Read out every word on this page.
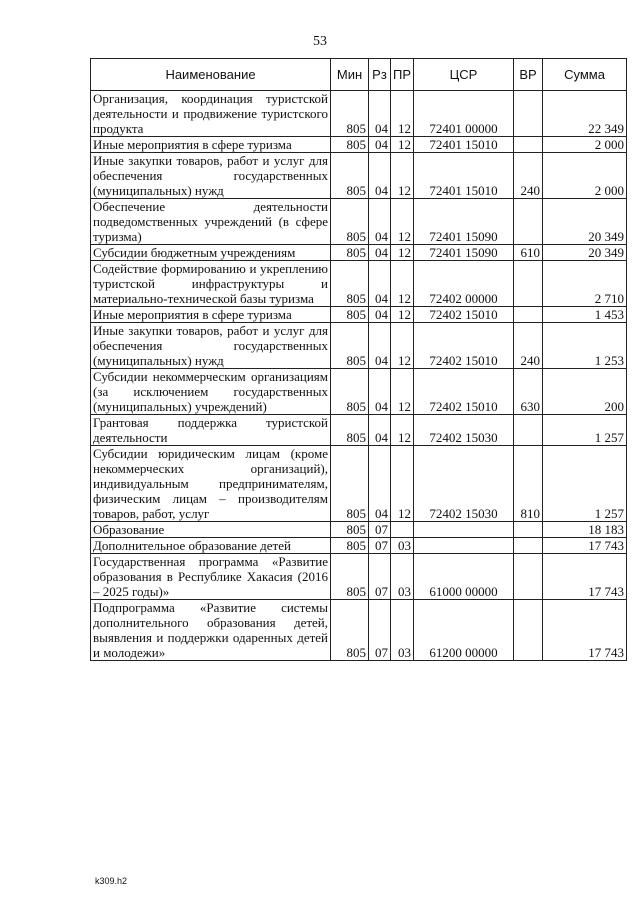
53
Наименование	Мин	Рз	ПР	ЦСР	ВР	Сумма
Организация, координация туристской деятельности и продвижение туристского продукта	805	04	12	72401 00000		22 349
Иные мероприятия в сфере туризма	805	04	12	72401 15010		2 000
Иные закупки товаров, работ и услуг для обеспечения государственных (муниципальных) нужд	805	04	12	72401 15010	240	2 000
Обеспечение деятельности подведомственных учреждений (в сфере туризма)	805	04	12	72401 15090		20 349
Субсидии бюджетным учреждениям	805	04	12	72401 15090	610	20 349
Содействие формированию и укреплению туристской инфраструктуры и материально-технической базы туризма	805	04	12	72402 00000		2 710
Иные мероприятия в сфере туризма	805	04	12	72402 15010		1 453
Иные закупки товаров, работ и услуг для обеспечения государственных (муниципальных) нужд	805	04	12	72402 15010	240	1 253
Субсидии некоммерческим организациям (за исключением государственных (муниципальных) учреждений)	805	04	12	72402 15010	630	200
Грантовая поддержка туристской деятельности	805	04	12	72402 15030		1 257
Субсидии юридическим лицам (кроме некоммерческих организаций), индивидуальным предпринимателям, физическим лицам – производителям товаров, работ, услуг	805	04	12	72402 15030	810	1 257
Образование	805	07				18 183
Дополнительное образование детей	805	07	03			17 743
Государственная программа «Развитие образования в Республике Хакасия (2016 – 2025 годы)»	805	07	03	61000 00000		17 743
Подпрограмма «Развитие системы дополнительного образования детей, выявления и поддержки одаренных детей и молодежи»	805	07	03	61200 00000		17 743
k309.h2
